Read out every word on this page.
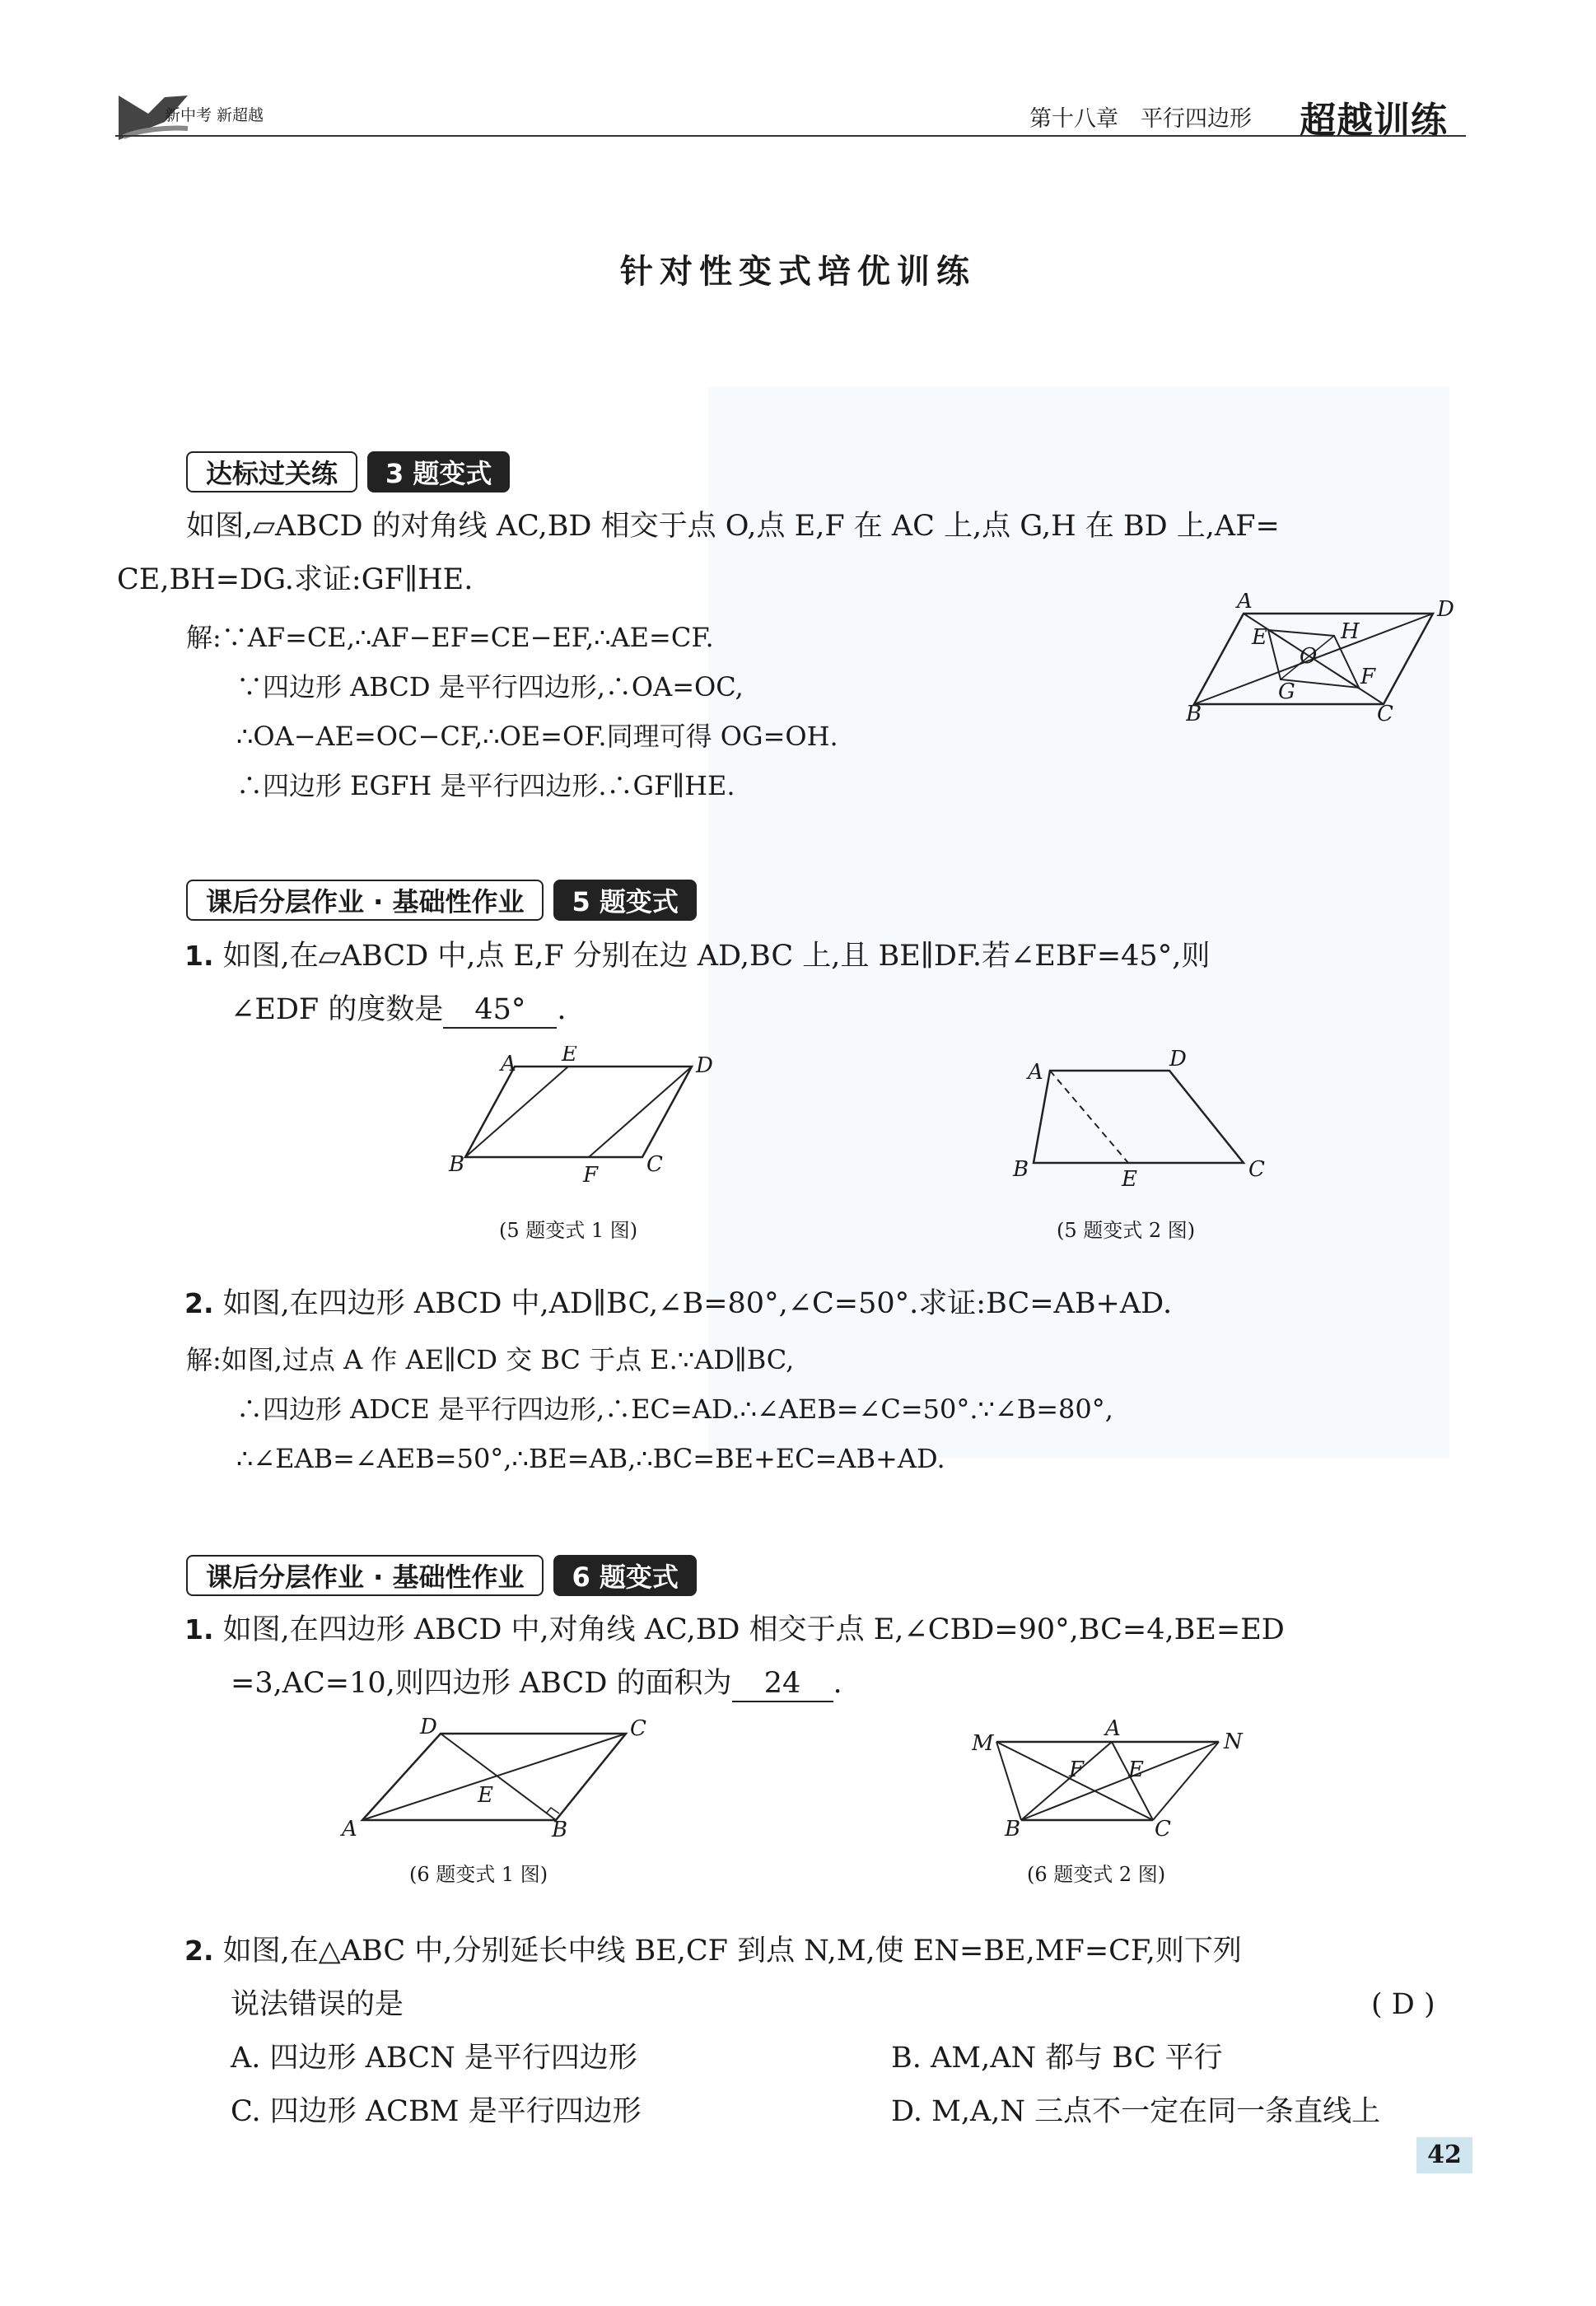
新中考 新超越	第十八章　平行四边形 超越训练
针对性变式培优训练
达标过关练	3 题变式
如图,▱ABCD 的对角线 AC,BD 相交于点 O,点 E,F 在 AC 上,点 G,H 在 BD 上,AF=
CE,BH=DG.求证:GF∥HE.
解:∵AF=CE,∴AF−EF=CE−EF,∴AE=CF.
∵四边形 ABCD 是平行四边形,∴OA=OC,
∴OA−AE=OC−CF,∴OE=OF.同理可得 OG=OH.
∴四边形 EGFH 是平行四边形.∴GF∥HE.
A	D
B	C
E	H
O
F
G
课后分层作业 · 基础性作业	5 题变式
1. 如图,在▱ABCD 中,点 E,F 分别在边 AD,BC 上,且 BE∥DF.若∠EBF=45°,则
∠EDF 的度数是 45° .
A E	D
B	F C
(5 题变式 1 图)
A
D
B	E	C
(5 题变式 2 图)
2. 如图,在四边形 ABCD 中,AD∥BC,∠B=80°,∠C=50°.求证:BC=AB+AD.
解:如图,过点 A 作 AE∥CD 交 BC 于点 E.∵AD∥BC,
∴四边形 ADCE 是平行四边形,∴EC=AD.∴∠AEB=∠C=50°.∵∠B=80°,
∴∠EAB=∠AEB=50°,∴BE=AB,∴BC=BE+EC=AB+AD.
课后分层作业 · 基础性作业	6 题变式
1. 如图,在四边形 ABCD 中,对角线 AC,BD 相交于点 E,∠CBD=90°,BC=4,BE=ED
=3,AC=10,则四边形 ABCD 的面积为 24 .
D	C
A
E
B
(6 题变式 1 图)
M
A
N
F E
B	C
(6 题变式 2 图)
2. 如图,在△ABC 中,分别延长中线 BE,CF 到点 N,M,使 EN=BE,MF=CF,则下列
说法错误的是	( D )
A. 四边形 ABCN 是平行四边形	B. AM,AN 都与 BC 平行
C. 四边形 ACBM 是平行四边形	D. M,A,N 三点不一定在同一条直线上
42
